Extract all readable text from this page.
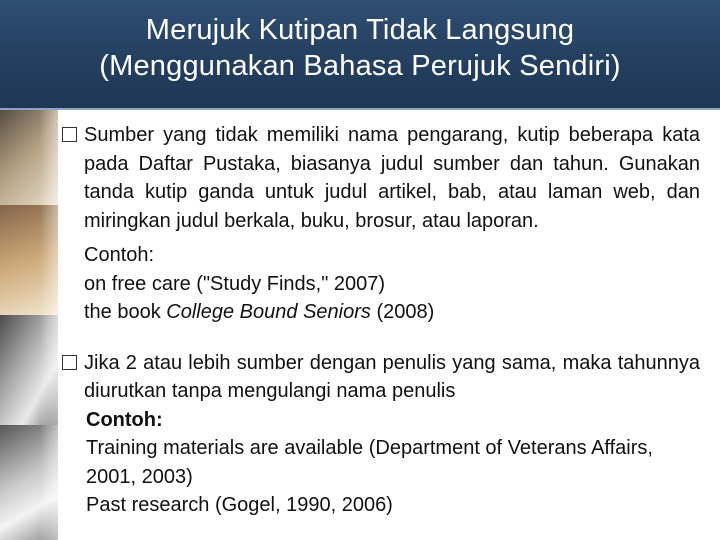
Merujuk Kutipan Tidak Langsung
(Menggunakan Bahasa Perujuk Sendiri)
Sumber yang tidak memiliki nama pengarang, kutip beberapa kata pada Daftar Pustaka, biasanya judul sumber dan tahun. Gunakan tanda kutip ganda untuk judul artikel, bab, atau laman web, dan miringkan judul berkala, buku, brosur, atau laporan.
Contoh:
on free care ("Study Finds," 2007)
the book College Bound Seniors (2008)
Jika 2 atau lebih sumber dengan penulis yang sama, maka tahunnya diurutkan tanpa mengulangi nama penulis
Contoh:
Training materials are available (Department of Veterans Affairs, 2001, 2003)
Past research (Gogel, 1990, 2006)
